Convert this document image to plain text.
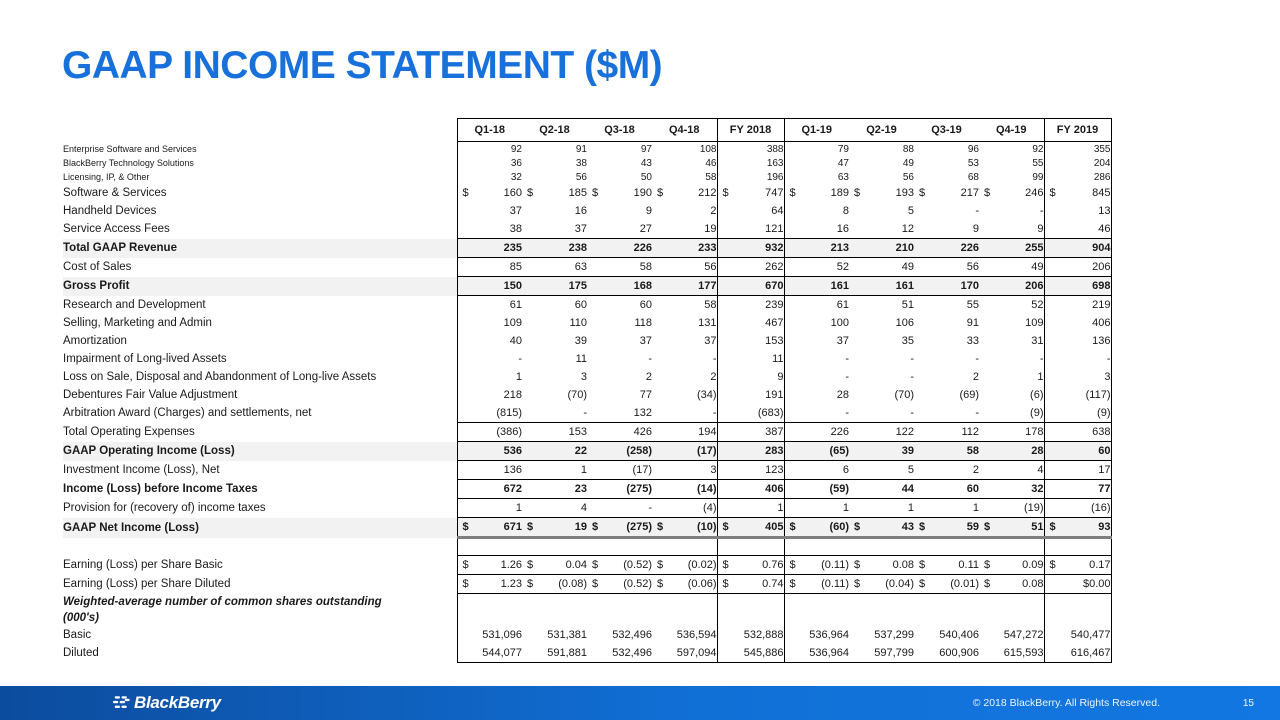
GAAP INCOME STATEMENT ($M)
	Q1-18	Q2-18	Q3-18	Q4-18	FY 2018	Q1-19	Q2-19	Q3-19	Q4-19	FY 2019
Enterprise Software and Services	92	91	97	108	388	79	88	96	92	355
BlackBerry Technology Solutions	36	38	43	46	163	47	49	53	55	204
Licensing, IP, & Other	32	56	50	58	196	63	56	68	99	286
Software & Services	$ 160	$ 185	$ 190	$ 212	$ 747	$ 189	$ 193	$ 217	$ 246	$ 845
Handheld Devices	37	16	9	2	64	8	5	-	-	13
Service Access Fees	38	37	27	19	121	16	12	9	9	46
Total GAAP Revenue	235	238	226	233	932	213	210	226	255	904
Cost of Sales	85	63	58	56	262	52	49	56	49	206
Gross Profit	150	175	168	177	670	161	161	170	206	698
Research and Development	61	60	60	58	239	61	51	55	52	219
Selling, Marketing and Admin	109	110	118	131	467	100	106	91	109	406
Amortization	40	39	37	37	153	37	35	33	31	136
Impairment of Long-lived Assets	-	11	-	-	11	-	-	-	-	-
Loss on Sale, Disposal and Abandonment of Long-live Assets	1	3	2	2	9	-	-	2	1	3
Debentures Fair Value Adjustment	218	(70)	77	(34)	191	28	(70)	(69)	(6)	(117)
Arbitration Award (Charges) and settlements, net	(815)	-	132	-	(683)	-	-	-	(9)	(9)
Total Operating Expenses	(386)	153	426	194	387	226	122	112	178	638
GAAP Operating Income (Loss)	536	22	(258)	(17)	283	(65)	39	58	28	60
Investment Income (Loss), Net	136	1	(17)	3	123	6	5	2	4	17
Income (Loss) before Income Taxes	672	23	(275)	(14)	406	(59)	44	60	32	77
Provision for (recovery of) income taxes	1	4	-	(4)	1	1	1	1	(19)	(16)
GAAP Net Income (Loss)	$ 671	$ 19	$ (275)	$ (10)	$ 405	$ (60)	$ 43	$ 59	$ 51	$ 93

Earning (Loss) per Share Basic	$ 1.26	$ 0.04	$ (0.52)	$ (0.02)	$ 0.76	$ (0.11)	$ 0.08	$ 0.11	$ 0.09	$ 0.17
Earning (Loss) per Share Diluted	$ 1.23	$ (0.08)	$ (0.52)	$ (0.06)	$ 0.74	$ (0.11)	$ (0.04)	$ (0.01)	$ 0.08	$0.00
Weighted-average number of common shares outstanding										
(000's)										
Basic	531,096	531,381	532,496	536,594	532,888	536,964	537,299	540,406	547,272	540,477
Diluted	544,077	591,881	532,496	597,094	545,886	536,964	597,799	600,906	615,593	616,467
BlackBerry	© 2018 BlackBerry. All Rights Reserved.	15
